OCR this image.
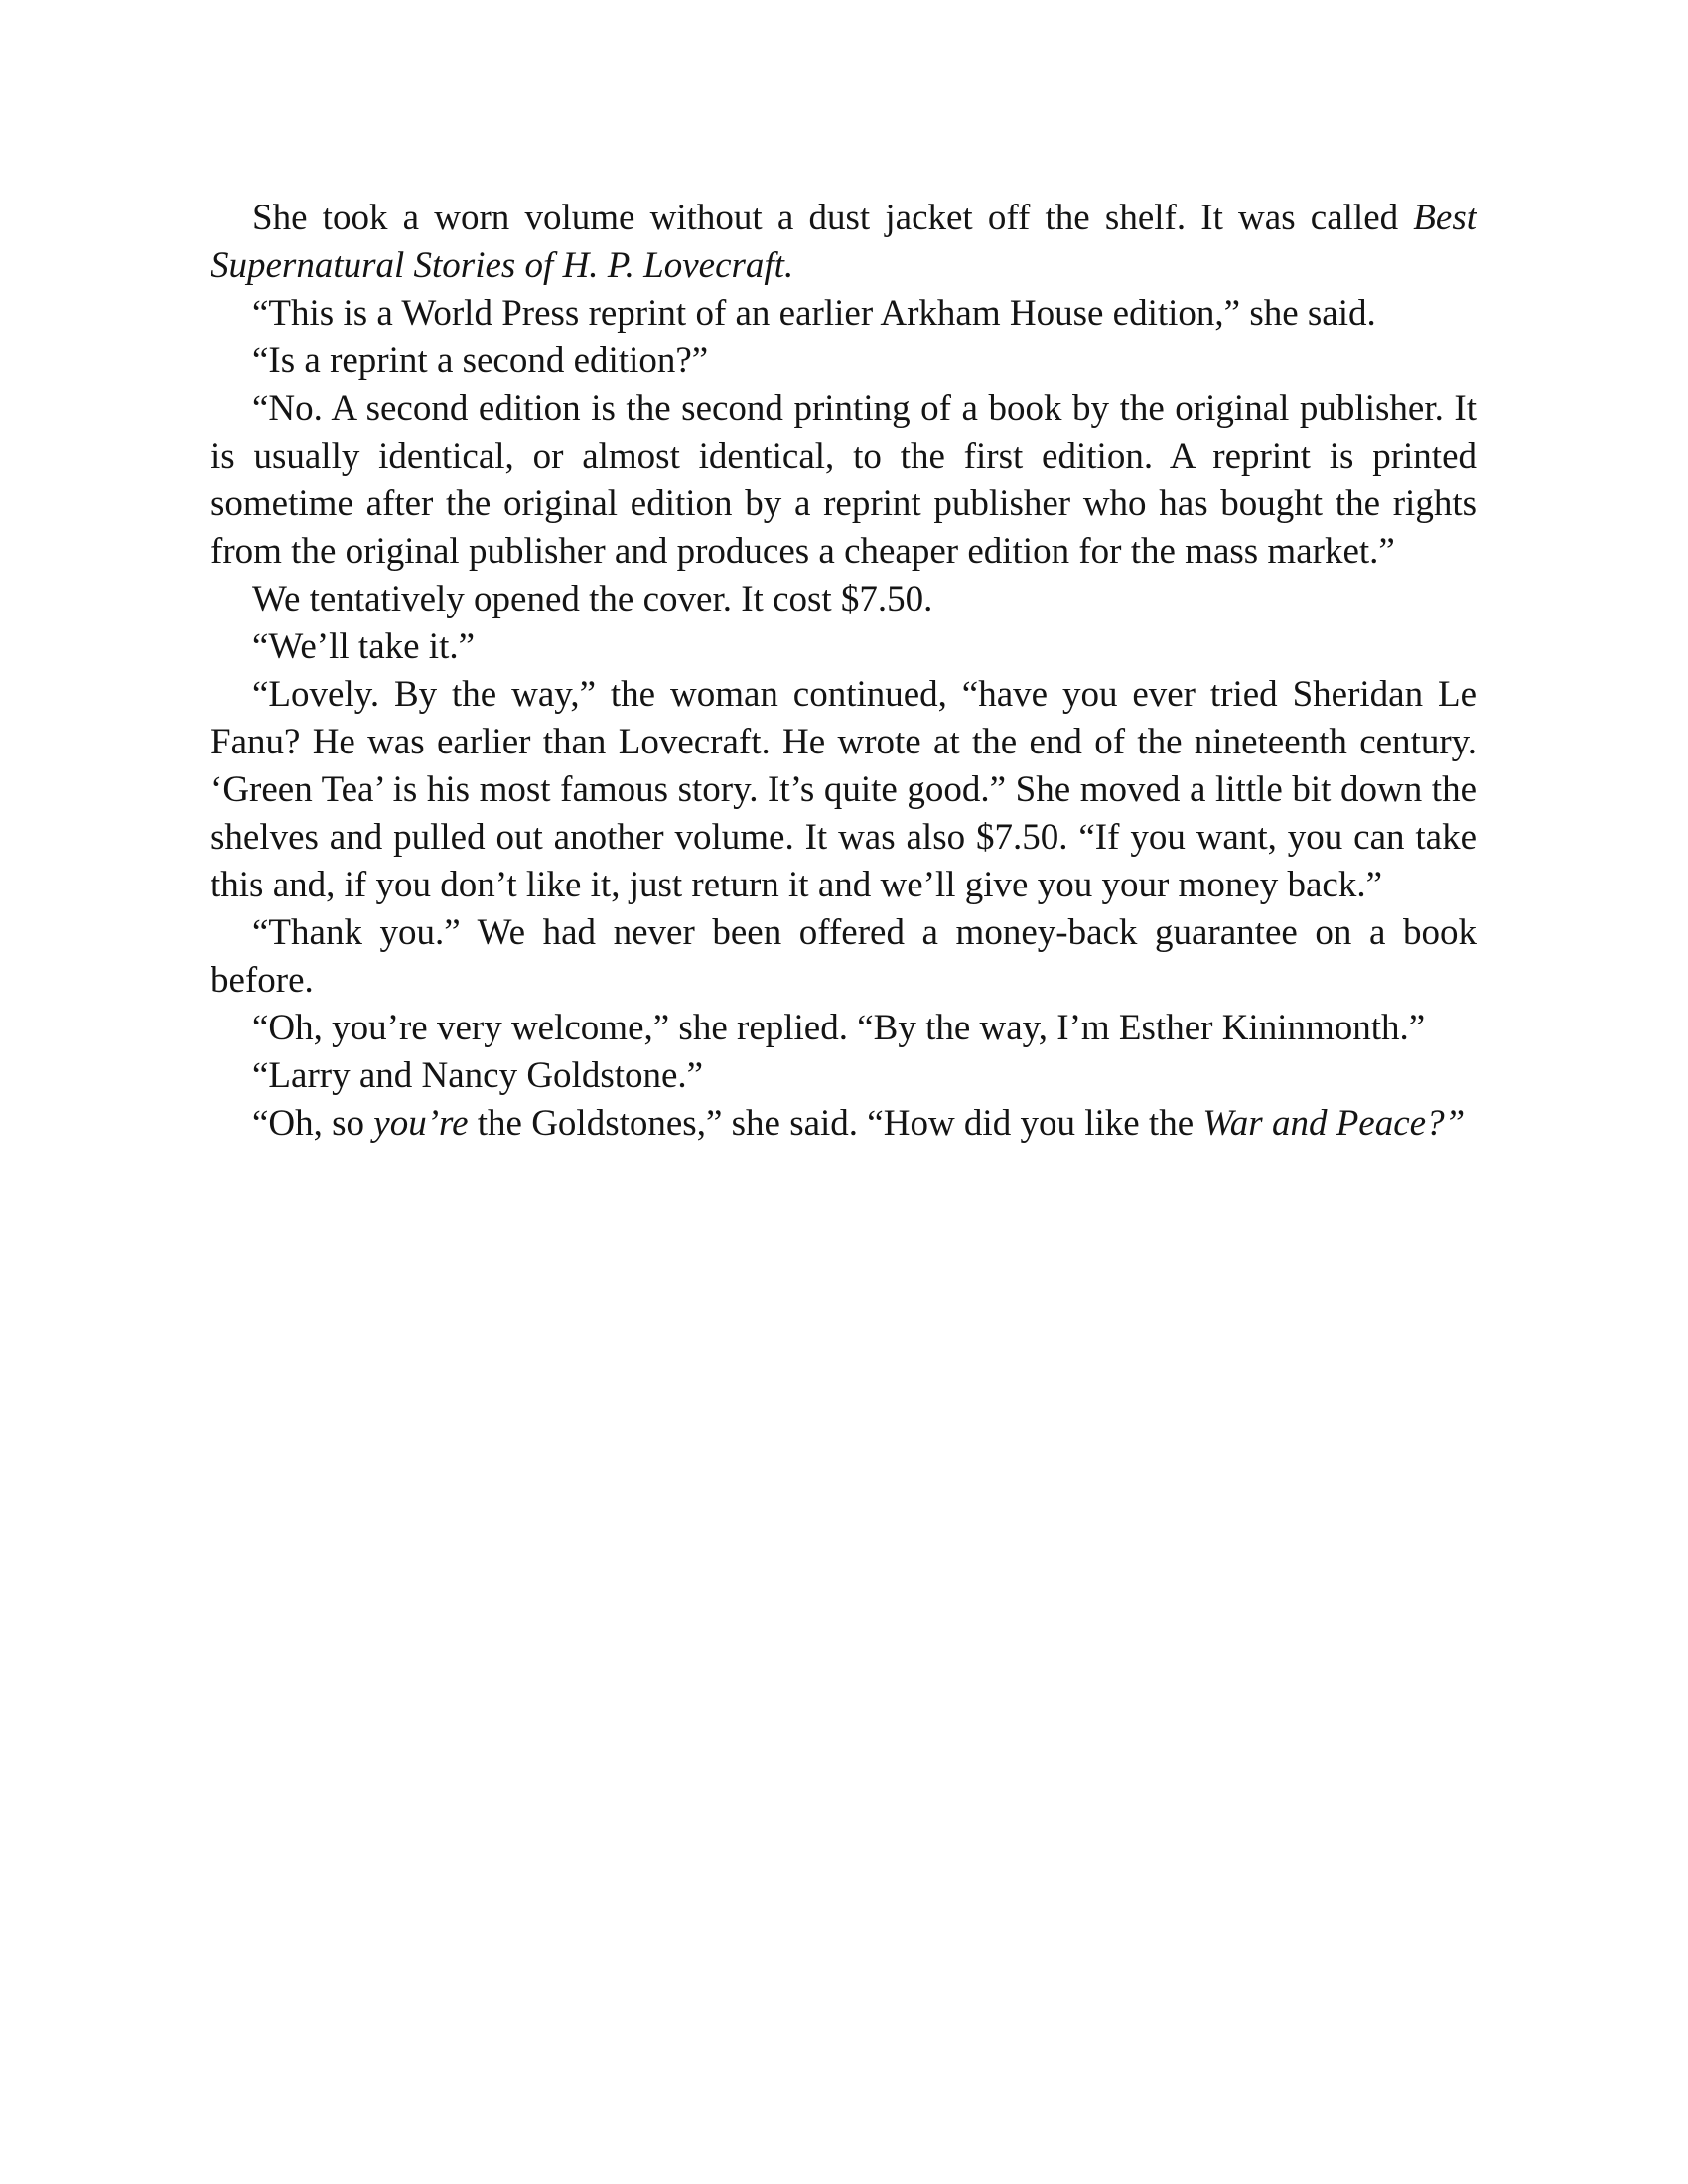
She took a worn volume without a dust jacket off the shelf. It was called Best Supernatural Stories of H. P. Lovecraft.

“This is a World Press reprint of an earlier Arkham House edition,” she said.

“Is a reprint a second edition?”

“No. A second edition is the second printing of a book by the original publisher. It is usually identical, or almost identical, to the first edition. A reprint is printed sometime after the original edition by a reprint publisher who has bought the rights from the original publisher and produces a cheaper edition for the mass market.”

We tentatively opened the cover. It cost $7.50.

“We’ll take it.”

“Lovely. By the way,” the woman continued, “have you ever tried Sheridan Le Fanu? He was earlier than Lovecraft. He wrote at the end of the nineteenth century. ‘Green Tea’ is his most famous story. It’s quite good.” She moved a little bit down the shelves and pulled out another volume. It was also $7.50. “If you want, you can take this and, if you don’t like it, just return it and we’ll give you your money back.”

“Thank you.” We had never been offered a money-back guarantee on a book before.

“Oh, you’re very welcome,” she replied. “By the way, I’m Esther Kininmonth.”

“Larry and Nancy Goldstone.”

“Oh, so you’re the Goldstones,” she said. “How did you like the War and Peace?”
